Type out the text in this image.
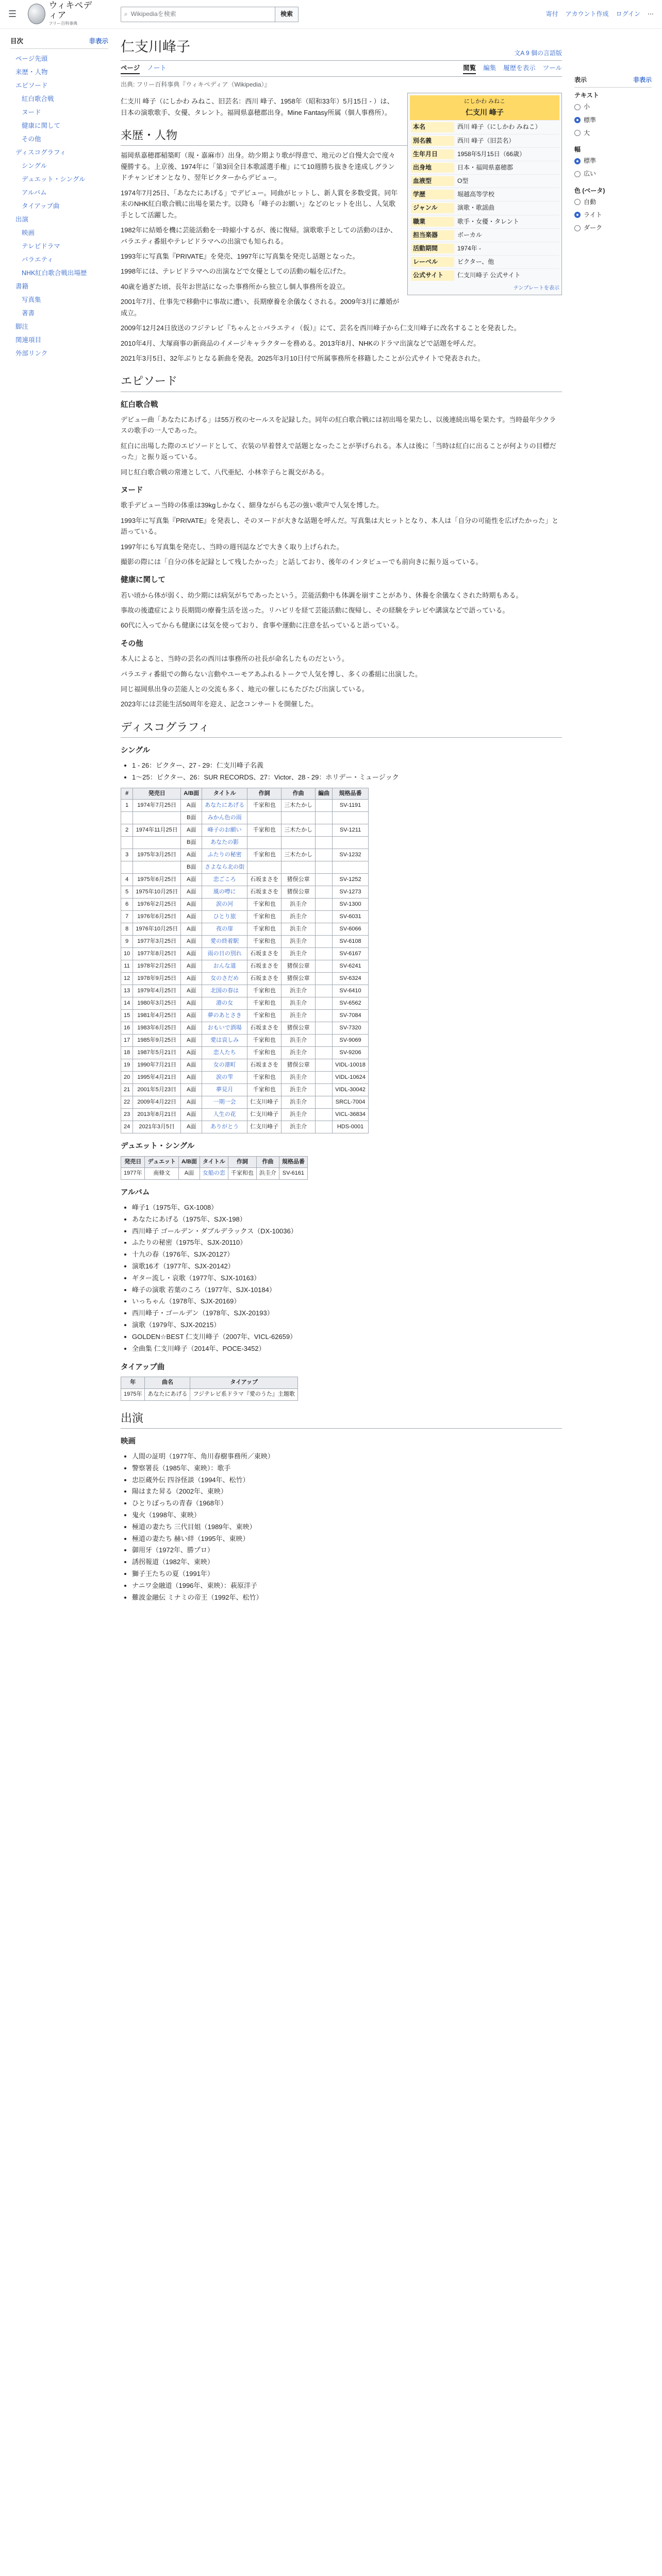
☰
ウィキペディア
フリー百科事典
⌕ Wikipediaを検索	検索	寄付 アカウント作成 ログイン ⋯
目次	非表示
ページ先頭
来歴・人物
エピソード
紅白歌合戦
ヌード
健康に関して
その他
ディスコグラフィ
シングル
デュエット・シングル
アルバム
タイアップ曲
出演
映画
テレビドラマ
バラエティ
NHK紅白歌合戦出場歴
書籍
写真集
著書
脚注
関連項目
外部リンク
仁支川峰子	文A 9 個の言語版
ページ ノート	閲覧 編集 履歴を表示 ツール
出典: フリー百科事典『ウィキペディア（Wikipedia）』
にしかわ みねこ
仁支川 峰子
本名	西川 峰子（にしかわ みねこ）
別名義	西川 峰子（旧芸名）
生年月日	1958年5月15日（66歳）
出身地	日本・福岡県嘉穂郡
血液型	O型
学歴	堀越高等学校
ジャンル	演歌・歌謡曲
職業	歌手・女優・タレント
担当楽器	ボーカル
活動期間	1974年 -
レーベル	ビクター、他
公式サイト	仁支川峰子 公式サイト
テンプレートを表示

仁支川 峰子（にしかわ みねこ、旧芸名：西川 峰子、1958年（昭和33年）5月15日 - ）は、日本の演歌歌手、女優、タレント。福岡県嘉穂郡出身。Mine Fantasy所属（個人事務所）。

来歴・人物

福岡県嘉穂郡稲築町（現・嘉麻市）出身。幼少期より歌が得意で、地元のど自慢大会で度々優勝する。上京後、1974年に「第3回全日本歌謡選手権」にて10週勝ち抜きを達成しグランドチャンピオンとなり、翌年ビクターからデビュー。

1974年7月25日、「あなたにあげる」でデビュー。同曲がヒットし、新人賞を多数受賞。同年末のNHK紅白歌合戦に出場を果たす。以降も「峰子のお願い」などのヒットを出し、人気歌手として活躍した。

1982年に結婚を機に芸能活動を一時縮小するが、後に復帰。演歌歌手としての活動のほか、バラエティ番組やテレビドラマへの出演でも知られる。

1993年に写真集『PRIVATE』を発売、1997年に写真集を発売し話題となった。

1998年には、テレビドラマへの出演などで女優としての活動の幅を広げた。

40歳を過ぎた頃、長年お世話になった事務所から独立し個人事務所を設立。

2001年7月、仕事先で移動中に事故に遭い、長期療養を余儀なくされる。2009年3月に離婚が成立。

2009年12月24日放送のフジテレビ『ちゃんと☆バラエティ（仮）』にて、芸名を西川峰子から仁支川峰子に改名することを発表した。

2010年4月、大塚商事の新商品のイメージキャラクターを務める。2013年8月、NHKのドラマ出演などで話題を呼んだ。

2021年3月5日、32年ぶりとなる新曲を発表。2025年3月10日付で所属事務所を移籍したことが公式サイトで発表された。

エピソード
紅白歌合戦

デビュー曲「あなたにあげる」は55万枚のセールスを記録した。同年の紅白歌合戦には初出場を果たし、以後連続出場を果たす。当時最年少クラスの歌手の一人であった。

紅白に出場した際のエピソードとして、衣装の早着替えで話題となったことが挙げられる。本人は後に「当時は紅白に出ることが何よりの目標だった」と振り返っている。

同じ紅白歌合戦の常連として、八代亜紀、小林幸子らと親交がある。

ヌード

歌手デビュー当時の体重は39kgしかなく、細身ながらも芯の強い歌声で人気を博した。

1993年に写真集『PRIVATE』を発表し、そのヌードが大きな話題を呼んだ。写真集は大ヒットとなり、本人は「自分の可能性を広げたかった」と語っている。

1997年にも写真集を発売し、当時の週刊誌などで大きく取り上げられた。

撮影の際には「自分の体を記録として残したかった」と話しており、後年のインタビューでも前向きに振り返っている。

健康に関して

若い頃から体が弱く、幼少期には病気がちであったという。芸能活動中も体調を崩すことがあり、休養を余儀なくされた時期もある。

事故の後遺症により長期間の療養生活を送った。リハビリを経て芸能活動に復帰し、その経験をテレビや講演などで語っている。

60代に入ってからも健康には気を使っており、食事や運動に注意を払っていると語っている。

その他

本人によると、当時の芸名の西川は事務所の社長が命名したものだという。

バラエティ番組での飾らない言動やユーモアあふれるトークで人気を博し、多くの番組に出演した。

同じ福岡県出身の芸能人との交流も多く、地元の催しにもたびたび出演している。

2023年には芸能生活50周年を迎え、記念コンサートを開催した。

ディスコグラフィ
シングル
• 1 - 26：ビクター、27 - 29：仁支川峰子名義
• 1〜25：ビクター、26：SUR RECORDS、27：Victor、28 - 29：ホリデー・ミュージック
#	発売日	A/B面	タイトル	作詞	作曲	編曲	規格品番
1	1974年7月25日	A面	あなたにあげる	千家和也	三木たかし		SV-1191
		B面	みかん色の雨				
2	1974年11月25日	A面	峰子のお願い	千家和也	三木たかし		SV-1211
		B面	あなたの影				
3	1975年3月25日	A面	ふたりの秘密	千家和也	三木たかし		SV-1232
		B面	さよなら北の街				
4	1975年6月25日	A面	恋ごころ	石坂まさを	猪俣公章		SV-1252
5	1975年10月25日	A面	風の噂に	石坂まさを	猪俣公章		SV-1273
6	1976年2月25日	A面	涙の河	千家和也	浜圭介		SV-1300
7	1976年6月25日	A面	ひとり旅	千家和也	浜圭介		SV-6031
8	1976年10月25日	A面	夜の扉	千家和也	浜圭介		SV-6066
9	1977年3月25日	A面	愛の終着駅	千家和也	浜圭介		SV-6108
10	1977年8月25日	A面	雨の日の別れ	石坂まさを	浜圭介		SV-6167
11	1978年2月25日	A面	おんな道	石坂まさを	猪俣公章		SV-6241
12	1978年9月25日	A面	女のさだめ	石坂まさを	猪俣公章		SV-6324
13	1979年4月25日	A面	北国の春は	千家和也	浜圭介		SV-6410
14	1980年3月25日	A面	港の女	千家和也	浜圭介		SV-6562
15	1981年4月25日	A面	夢のあとさき	千家和也	浜圭介		SV-7084
16	1983年6月25日	A面	おもいで酒場	石坂まさを	猪俣公章		SV-7320
17	1985年9月25日	A面	愛は哀しみ	千家和也	浜圭介		SV-9069
18	1987年5月21日	A面	恋人たち	千家和也	浜圭介		SV-9206
19	1990年7月21日	A面	女の港町	石坂まさを	猪俣公章		VIDL-10018
20	1995年4月21日	A面	涙の雫	千家和也	浜圭介		VIDL-10624
21	2001年5月23日	A面	夢見月	千家和也	浜圭介		VIDL-30042
22	2009年4月22日	A面	一期一会	仁支川峰子	浜圭介		SRCL-7004
23	2013年8月21日	A面	人生の花	仁支川峰子	浜圭介		VICL-36834
24	2021年3月5日	A面	ありがとう	仁支川峰子	浜圭介		HDS-0001
デュエット・シングル
発売日	デュエット	A/B面	タイトル	作詞	作曲	規格品番
1977年	南條文	A面	女船の恋	千家和也	浜圭介	SV-6161
アルバム
• 峰子1（1975年、GX-1008）
• あなたにあげる（1975年、SJX-198）
• 西川峰子 ゴールデン・ダブルデラックス（DX-10036）
• ふたりの秘密（1975年、SJX-20110）
• 十九の春（1976年、SJX-20127）
• 演歌16才（1977年、SJX-20142）
• ギター流し・哀歌（1977年、SJX-10163）
• 峰子の演歌 若葉のころ（1977年、SJX-10184）
• いっちゃん（1978年、SJX-20169）
• 西川峰子・ゴールデン（1978年、SJX-20193）
• 演歌（1979年、SJX-20215）
• GOLDEN☆BEST 仁支川峰子（2007年、VICL-62659）
• 全曲集 仁支川峰子（2014年、POCE-3452）
タイアップ曲
年	曲名	タイアップ
1975年	あなたにあげる	フジテレビ系ドラマ『愛のうた』主題歌
出演
映画
• 人間の証明（1977年、角川春樹事務所／東映）
• 警察署長（1985年、東映）：歌手
• 忠臣蔵外伝 四谷怪談（1994年、松竹）
• 陽はまた昇る（2002年、東映）
• ひとりぼっちの青春（1968年）
• 鬼火（1998年、東映）
• 極道の妻たち 三代目姐（1989年、東映）
• 極道の妻たち 赫い絆（1995年、東映）
• 御用牙（1972年、勝プロ）
• 誘拐報道（1982年、東映）
• 獅子王たちの夏（1991年）
• ナニワ金融道（1996年、東映）：萩原洋子
• 難波金融伝 ミナミの帝王（1992年、松竹）
表示	非表示
テキスト
小
標準
大
幅
標準
広い
色 (ベータ)
自動
ライト
ダーク
